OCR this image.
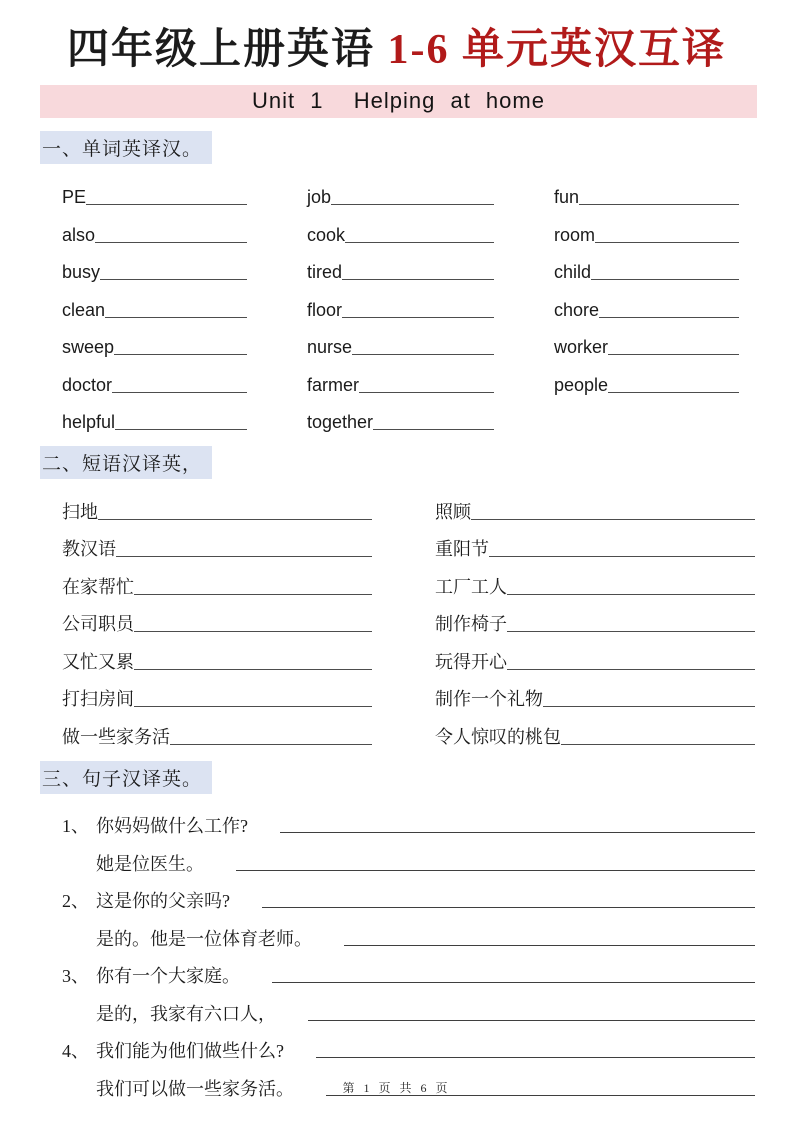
四年级上册英语 1-6 单元英汉互译
Unit 1  Helping at home
一、单词英译汉。
PE	job	fun
also	cook	room
busy	tired	child
clean	floor	chore
sweep	nurse	worker
doctor	farmer	people
helpful	together
二、短语汉译英，
扫地	照顾
教汉语	重阳节
在家帮忙	工厂工人
公司职员	制作椅子
又忙又累	玩得开心
打扫房间	制作一个礼物
做一些家务活	令人惊叹的桃包
三、句子汉译英。
1、 你妈妈做什么工作?
她是位医生。
2、 这是你的父亲吗?
是的。他是一位体育老师。
3、 你有一个大家庭。
是的，我家有六口人，
4、 我们能为他们做些什么?
我们可以做一些家务活。	第 1 页 共 6 页
